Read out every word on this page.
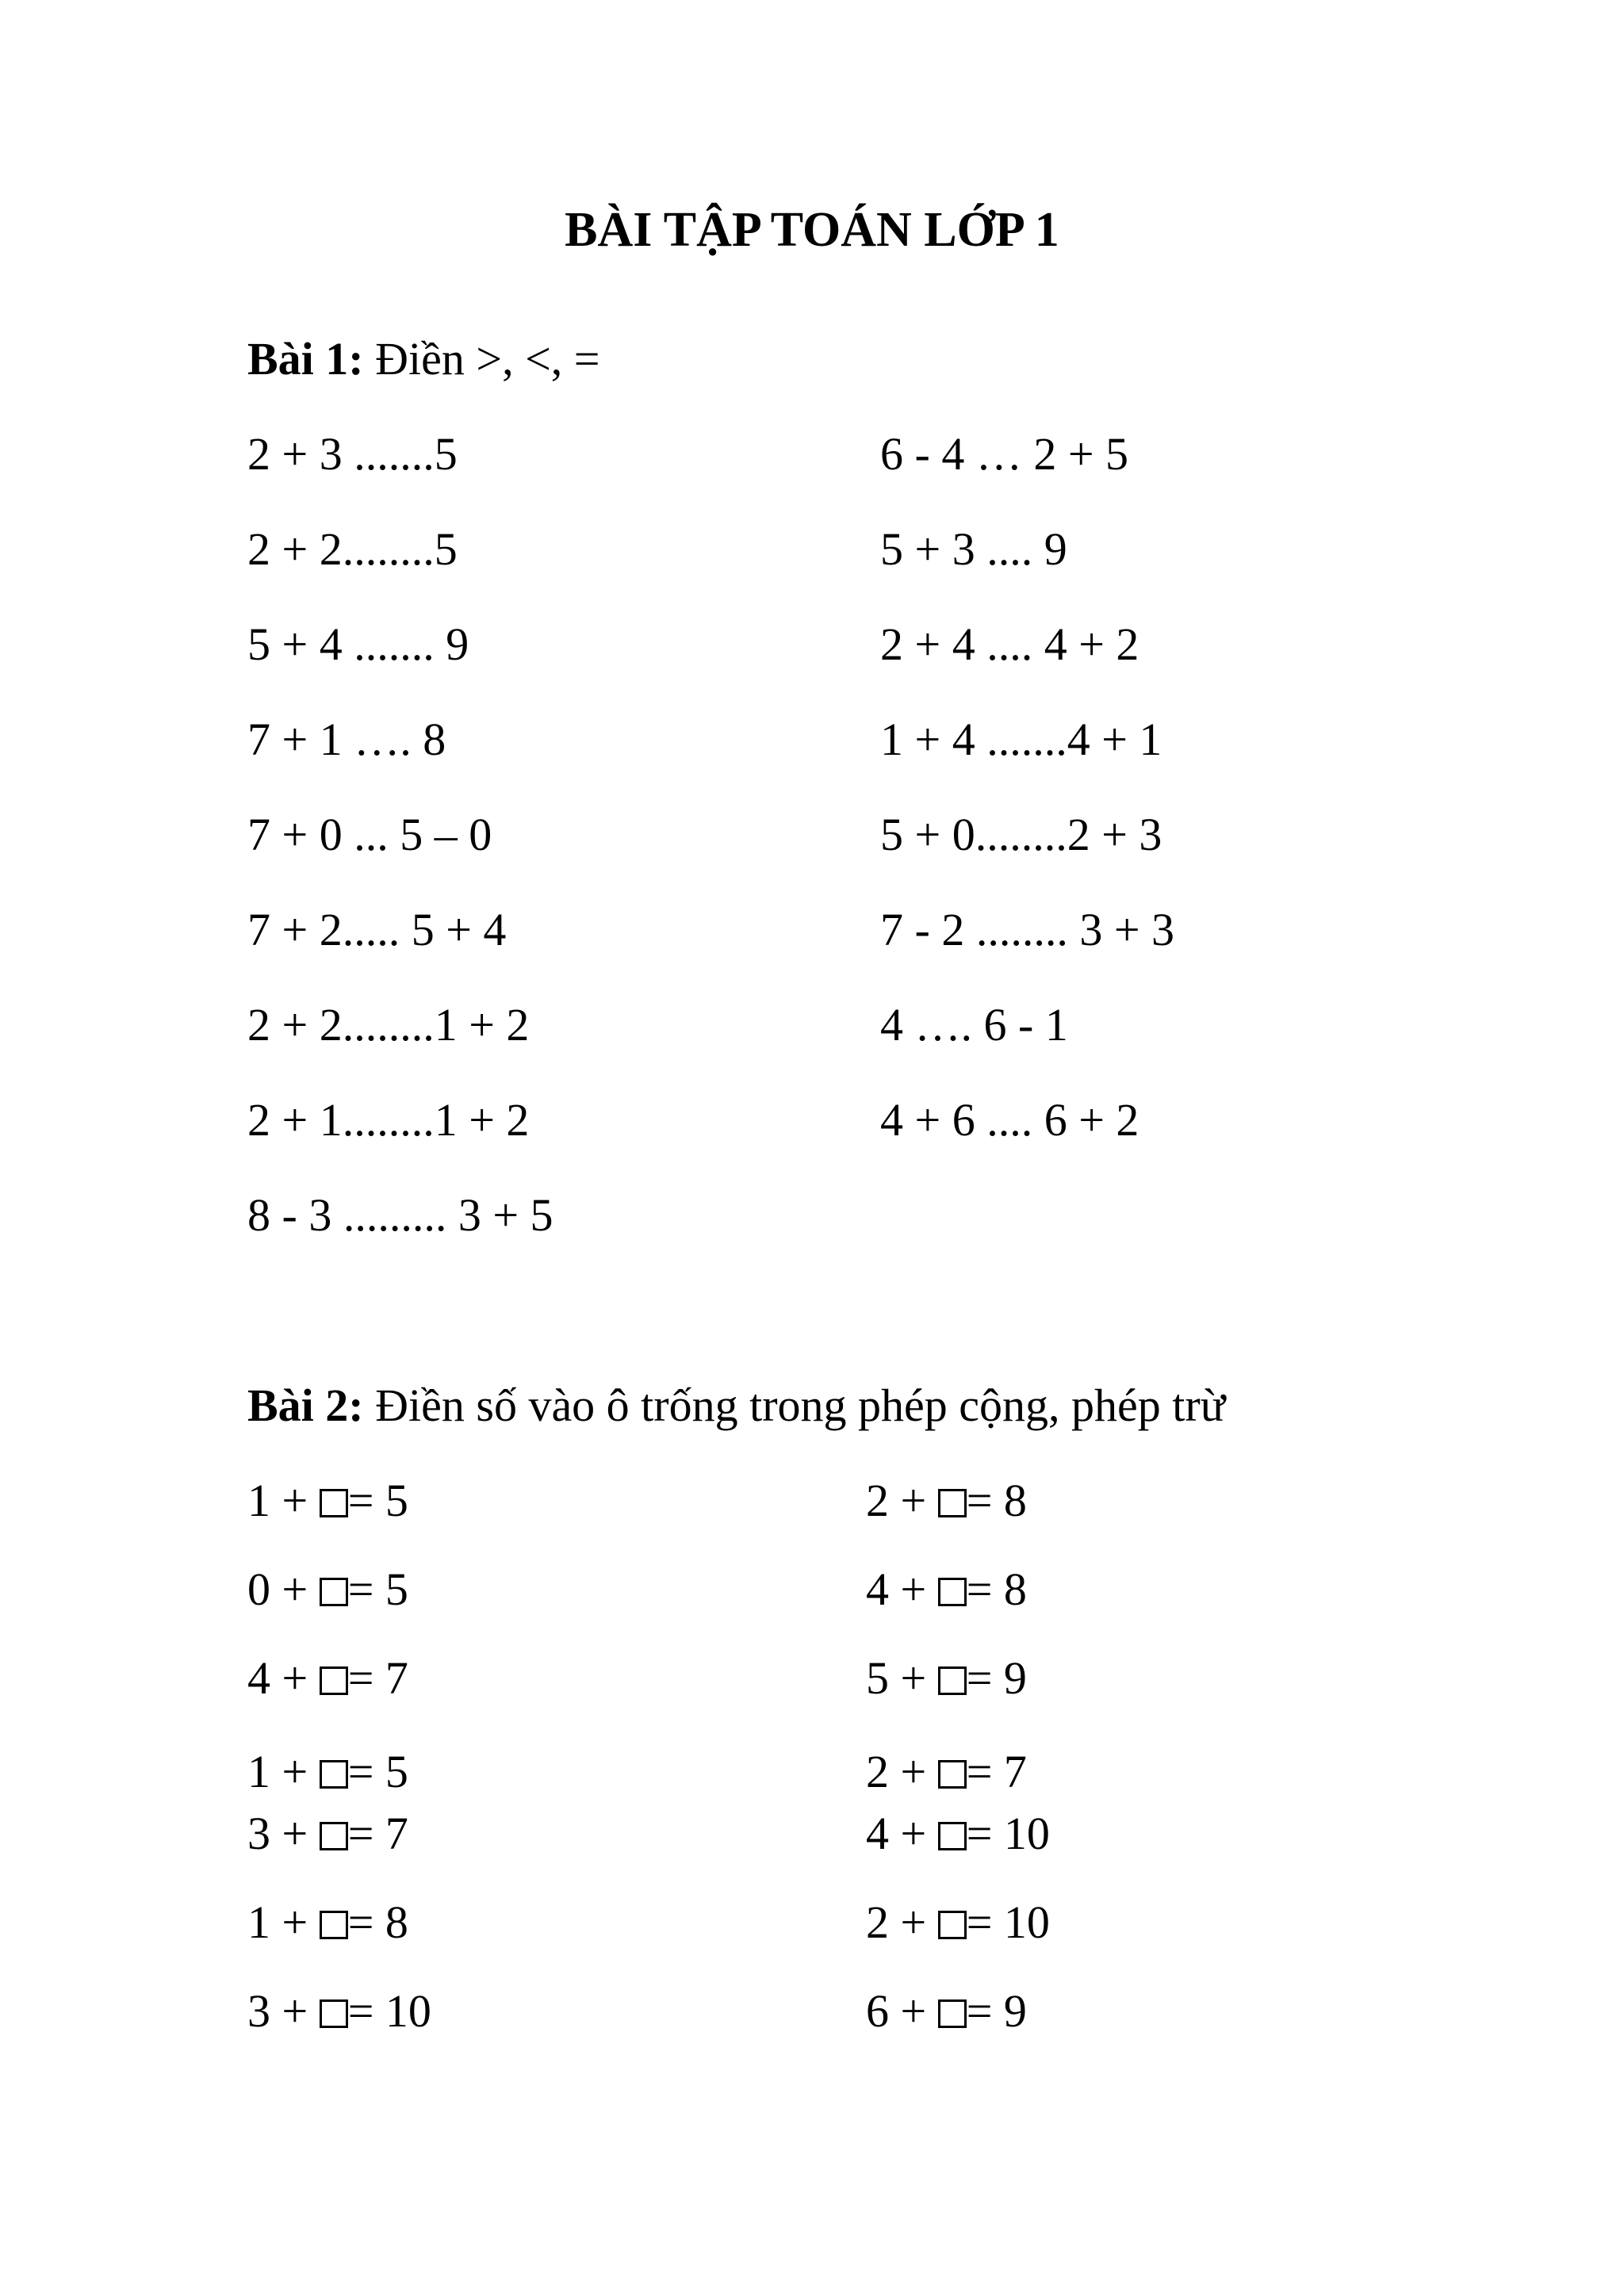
BÀI TẬP TOÁN LỚP 1
Bài 1: Điền >, <, =
2 + 3 .......5
2 + 2........5
5 + 4 ....... 9
7 + 1 …. 8
7 + 0 ... 5 – 0
7 + 2..... 5 + 4
2 + 2........1 + 2
2 + 1........1 + 2
8 - 3 ......... 3 + 5
6 - 4 … 2 + 5
5 + 3 .... 9
2 + 4 .... 4 + 2
1 + 4 .......4 + 1
5 + 0........2 + 3
7 - 2 ........ 3 + 3
4 …. 6 - 1
4 + 6 .... 6 + 2
Bài 2: Điền số vào ô trống trong phép cộng, phép trừ
1 + = 5
0 + = 5
4 + = 7
1 + = 5
3 + = 7
1 + = 8
3 + = 10
2 + = 8
4 + = 8
5 + = 9
2 + = 7
4 + = 10
2 + = 10
6 + = 9
